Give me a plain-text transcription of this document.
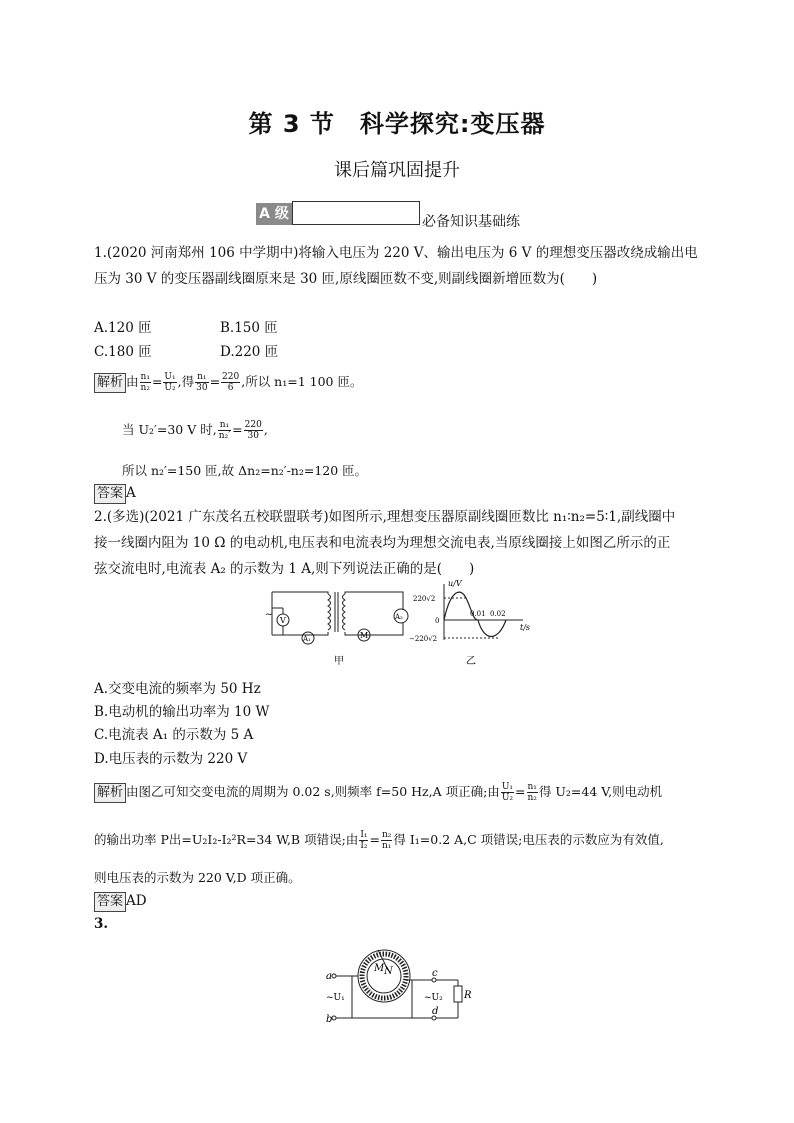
第 3 节　科学探究:变压器
课后篇巩固提升
A 级	必备知识基础练
1.(2020 河南郑州 106 中学期中)将输入电压为 220 V、输出电压为 6 V 的理想变压器改绕成输出电
压为 30 V 的变压器副线圈原来是 30 匝,原线圈匝数不变,则副线圈新增匝数为(　　)
A.120 匝	B.150 匝
C.180 匝	D.220 匝
解析 由 $\frac{\text{n₁}}{\text{n₂}} = \frac{\text{U₁}}{\text{U₂}}$ ,得 $\frac{\text{n₁}}{30} = \frac{220}{6}$ ,所以 n₁=1 100 匝。
当 U₂′=30 V 时, $\frac{\text{n₁}}{\text{n₂′}} = \frac{220}{30}$ ,
所以 n₂′=150 匝,故 Δn₂=n₂′-n₂=120 匝。
答案 A
2.(多选)(2021 广东茂名五校联盟联考)如图所示,理想变压器原副线圈匝数比 n₁∶n₂=5∶1,副线圈中
接一线圈内阻为 10 Ω 的电动机,电压表和电流表均为理想交流电表,当原线圈接上如图乙所示的正
弦交流电时,电流表 A₂ 的示数为 1 A,则下列说法正确的是(　　)
V
A₁	M
A₂
~
甲
u/V
t/s
220√2
−220√2
0
0.01 0.02
乙
A.交变电流的频率为 50 Hz
B.电动机的输出功率为 10 W
C.电流表 A₁ 的示数为 5 A
D.电压表的示数为 220 V
解析 由图乙可知交变电流的周期为 0.02 s,则频率 f=50 Hz,A 项正确;由 $\frac{\text{U₁}}{\text{U₂}} = \frac{\text{n₁}}{\text{n₂}}$ 得 U₂=44 V,则电动机
的输出功率 P出=U₂I₂-I₂²R=34 W,B 项错误;由 $\frac{\text{I₁}}{\text{I₂}} = \frac{\text{n₂}}{\text{n₁}}$ 得 I₁=0.2 A,C 项错误;电压表的示数应为有效值,
则电压表的示数为 220 V,D 项正确。
答案 AD
3.
a
b
c
d
M N
~U₁	~U₂ R
